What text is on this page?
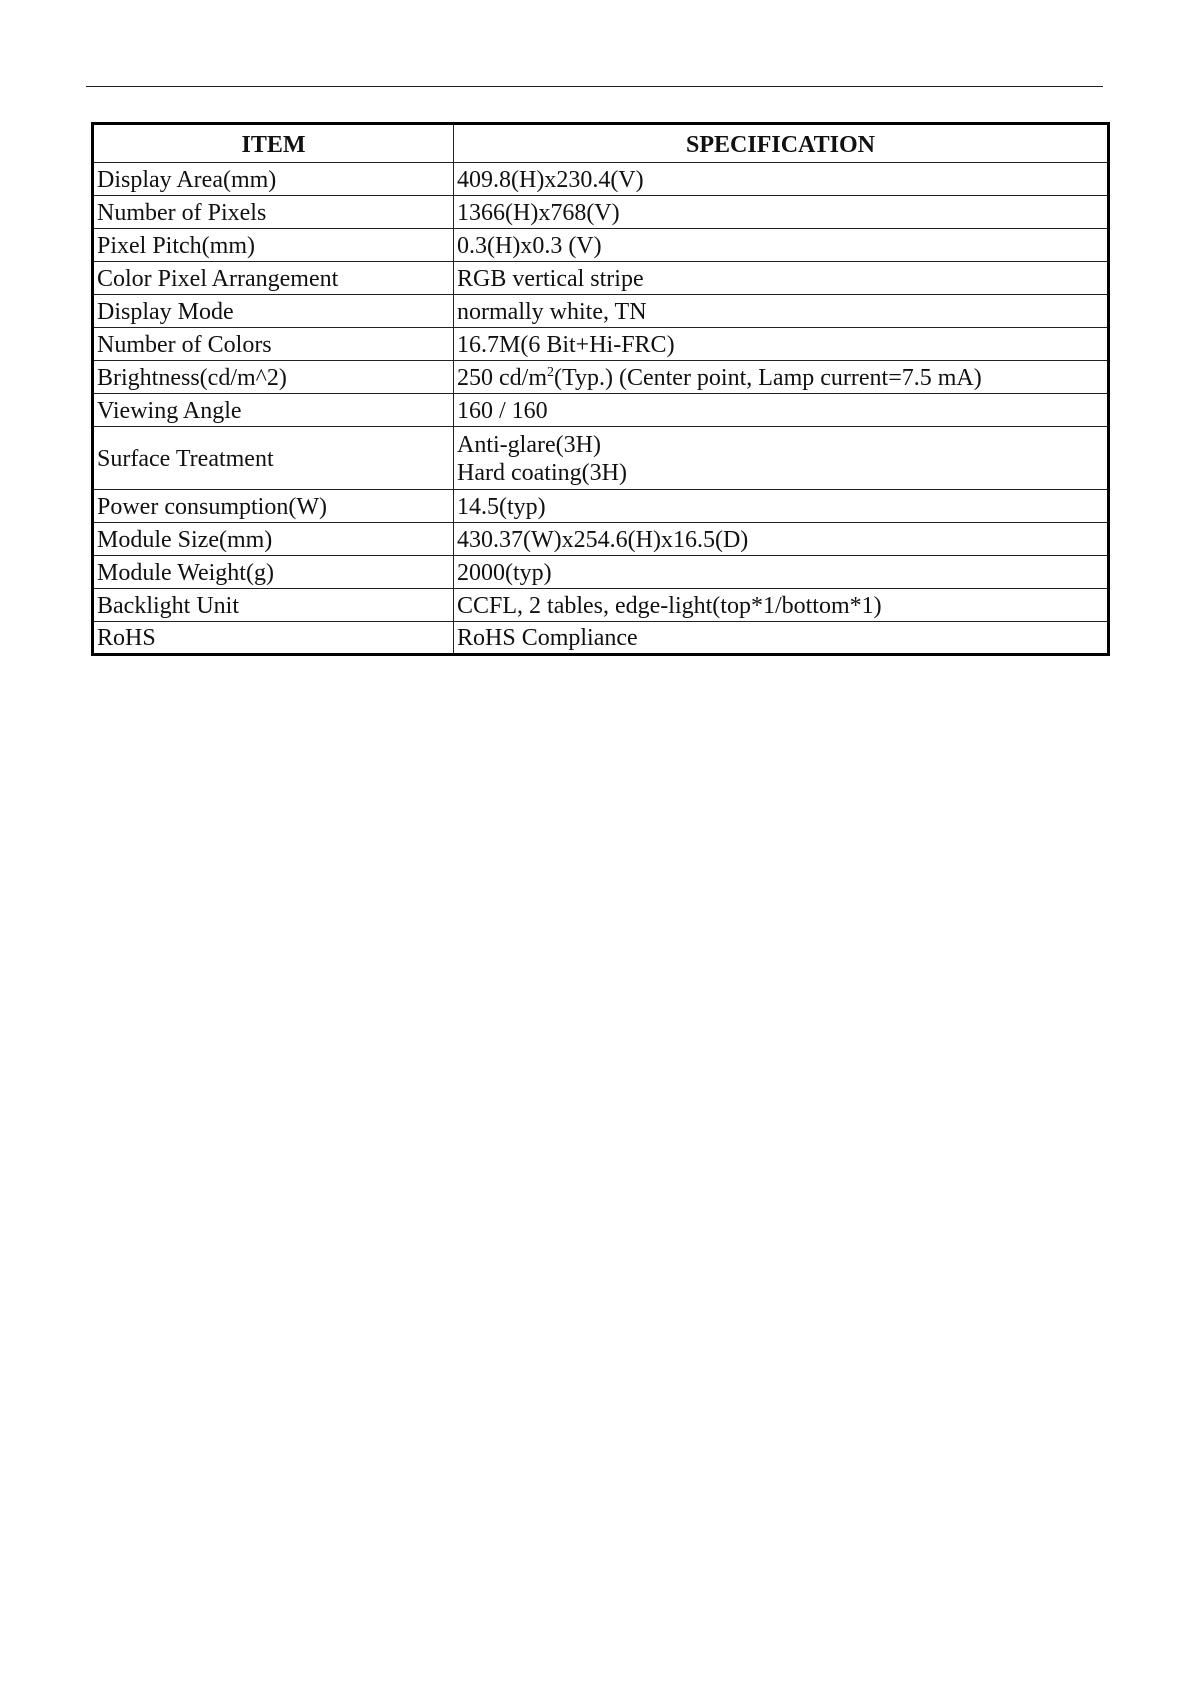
ITEM	SPECIFICATION
Display Area(mm)	409.8(H)x230.4(V)
Number of Pixels	1366(H)x768(V)
Pixel Pitch(mm)	0.3(H)x0.3 (V)
Color Pixel Arrangement	RGB vertical stripe
Display Mode	normally white, TN
Number of Colors	16.7M(6 Bit+Hi-FRC)
Brightness(cd/m^2)	250 $cd/m^2(Typ.)$ (Center point, Lamp current=7.5 mA)
Viewing Angle	160 / 160
Surface Treatment	Anti-glare(3H)
Hard coating(3H)

Power consumption(W)	14.5(typ)
Module Size(mm)	430.37(W)x254.6(H)x16.5(D)
Module Weight(g)	2000(typ)
Backlight Unit	CCFL, 2 tables, edge-light(top*1/bottom*1)
RoHS	RoHS Compliance
